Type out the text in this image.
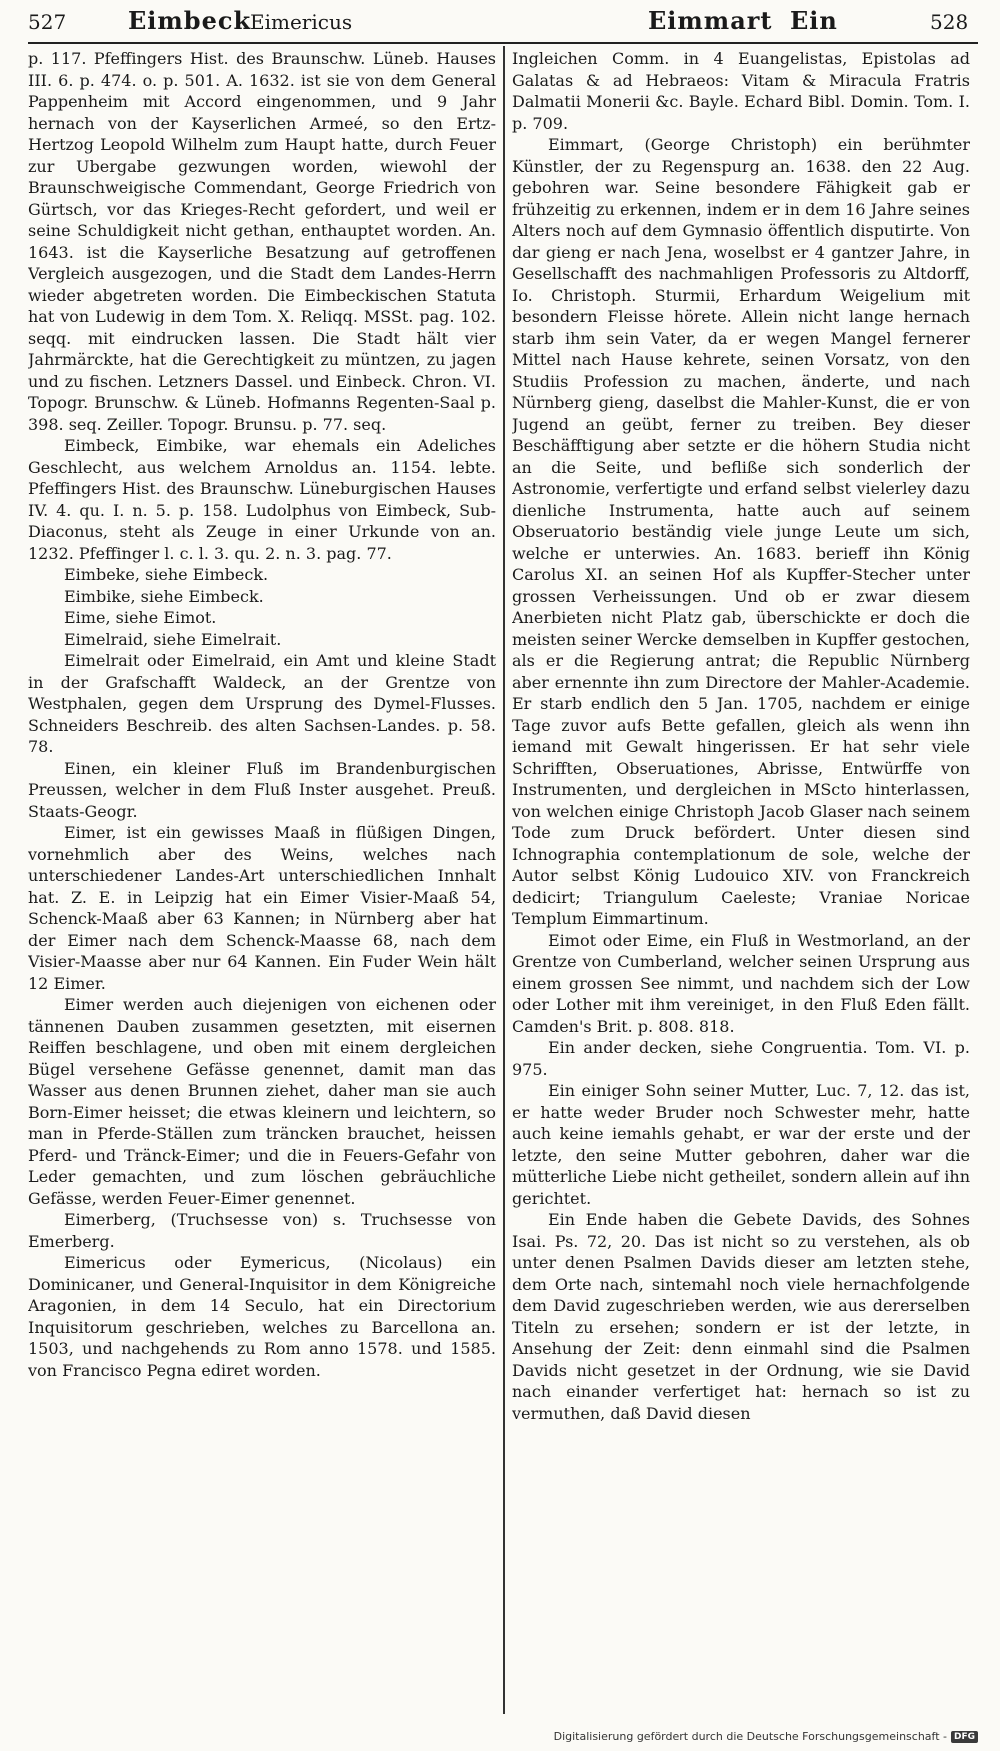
527	Eimbeck
Eimericus	Eimmart Ein	528

p. 117. Pfeffingers Hist. des Braunschw. Lüneb. Hauses III. 6. p. 474. o. p. 501. A. 1632. ist sie von dem General Pappenheim mit Accord eingenommen, und 9 Jahr hernach von der Kayserlichen Armeé, so den Ertz-Hertzog Leopold Wilhelm zum Haupt hatte, durch Feuer zur Ubergabe gezwungen worden, wiewohl der Braunschweigische Commendant, George Friedrich von Gürtsch, vor das Krieges-Recht gefordert, und weil er seine Schuldigkeit nicht gethan, enthauptet worden. An. 1643. ist die Kayserliche Besatzung auf getroffenen Vergleich ausgezogen, und die Stadt dem Landes-Herrn wieder abgetreten worden. Die Eimbeckischen Statuta hat von Ludewig in dem Tom. X. Reliqq. MSSt. pag. 102. seqq. mit eindrucken lassen. Die Stadt hält vier Jahrmärckte, hat die Gerechtigkeit zu müntzen, zu jagen und zu fischen. Letzners Dassel. und Einbeck. Chron. VI. Topogr. Brunschw. & Lüneb. Hofmanns Regenten-Saal p. 398. seq. Zeiller. Topogr. Brunsu. p. 77. seq.

Eimbeck, Eimbike, war ehemals ein Adeliches Geschlecht, aus welchem Arnoldus an. 1154. lebte. Pfeffingers Hist. des Braunschw. Lüneburgischen Hauses IV. 4. qu. I. n. 5. p. 158. Ludolphus von Eimbeck, Sub-Diaconus, steht als Zeuge in einer Urkunde von an. 1232. Pfeffinger l. c. l. 3. qu. 2. n. 3. pag. 77.

Eimbeke, siehe Eimbeck.

Eimbike, siehe Eimbeck.

Eime, siehe Eimot.

Eimelraid, siehe Eimelrait.

Eimelrait oder Eimelraid, ein Amt und kleine Stadt in der Grafschafft Waldeck, an der Grentze von Westphalen, gegen dem Ursprung des Dymel-Flusses. Schneiders Beschreib. des alten Sachsen-Landes. p. 58. 78.

Einen, ein kleiner Fluß im Brandenburgischen Preussen, welcher in dem Fluß Inster ausgehet. Preuß. Staats-Geogr.

Eimer, ist ein gewisses Maaß in flüßigen Dingen, vornehmlich aber des Weins, welches nach unterschiedener Landes-Art unterschiedlichen Innhalt hat. Z. E. in Leipzig hat ein Eimer Visier-Maaß 54, Schenck-Maaß aber 63 Kannen; in Nürnberg aber hat der Eimer nach dem Schenck-Maasse 68, nach dem Visier-Maasse aber nur 64 Kannen. Ein Fuder Wein hält 12 Eimer.

Eimer werden auch diejenigen von eichenen oder tännenen Dauben zusammen gesetzten, mit eisernen Reiffen beschlagene, und oben mit einem dergleichen Bügel versehene Gefässe genennet, damit man das Wasser aus denen Brunnen ziehet, daher man sie auch Born-Eimer heisset; die etwas kleinern und leichtern, so man in Pferde-Ställen zum träncken brauchet, heissen Pferd- und Tränck-Eimer; und die in Feuers-Gefahr von Leder gemachten, und zum löschen gebräuchliche Gefässe, werden Feuer-Eimer genennet.

Eimerberg, (Truchsesse von) s. Truchsesse von Emerberg.

Eimericus oder Eymericus, (Nicolaus) ein Dominicaner, und General-Inquisitor in dem Königreiche Aragonien, in dem 14 Seculo, hat ein Directorium Inquisitorum geschrieben, welches zu Barcellona an. 1503, und nachgehends zu Rom anno 1578. und 1585. von Francisco Pegna ediret worden.

Ingleichen Comm. in 4 Euangelistas, Epistolas ad Galatas & ad Hebraeos: Vitam & Miracula Fratris Dalmatii Monerii &c. Bayle. Echard Bibl. Domin. Tom. I. p. 709.

Eimmart, (George Christoph) ein berühmter Künstler, der zu Regenspurg an. 1638. den 22 Aug. gebohren war. Seine besondere Fähigkeit gab er frühzeitig zu erkennen, indem er in dem 16 Jahre seines Alters noch auf dem Gymnasio öffentlich disputirte. Von dar gieng er nach Jena, woselbst er 4 gantzer Jahre, in Gesellschafft des nachmahligen Professoris zu Altdorff, Io. Christoph. Sturmii, Erhardum Weigelium mit besondern Fleisse hörete. Allein nicht lange hernach starb ihm sein Vater, da er wegen Mangel fernerer Mittel nach Hause kehrete, seinen Vorsatz, von den Studiis Profession zu machen, änderte, und nach Nürnberg gieng, daselbst die Mahler-Kunst, die er von Jugend an geübt, ferner zu treiben. Bey dieser Beschäfftigung aber setzte er die höhern Studia nicht an die Seite, und befliße sich sonderlich der Astronomie, verfertigte und erfand selbst vielerley dazu dienliche Instrumenta, hatte auch auf seinem Obseruatorio beständig viele junge Leute um sich, welche er unterwies. An. 1683. berieff ihn König Carolus XI. an seinen Hof als Kupffer-Stecher unter grossen Verheissungen. Und ob er zwar diesem Anerbieten nicht Platz gab, überschickte er doch die meisten seiner Wercke demselben in Kupffer gestochen, als er die Regierung antrat; die Republic Nürnberg aber ernennte ihn zum Directore der Mahler-Academie. Er starb endlich den 5 Jan. 1705, nachdem er einige Tage zuvor aufs Bette gefallen, gleich als wenn ihn iemand mit Gewalt hingerissen. Er hat sehr viele Schrifften, Obseruationes, Abrisse, Entwürffe von Instrumenten, und dergleichen in MScto hinterlassen, von welchen einige Christoph Jacob Glaser nach seinem Tode zum Druck befördert. Unter diesen sind Ichnographia contemplationum de sole, welche der Autor selbst König Ludouico XIV. von Franckreich dedicirt; Triangulum Caeleste; Vraniae Noricae Templum Eimmartinum.

Eimot oder Eime, ein Fluß in Westmorland, an der Grentze von Cumberland, welcher seinen Ursprung aus einem grossen See nimmt, und nachdem sich der Low oder Lother mit ihm vereiniget, in den Fluß Eden fällt. Camden's Brit. p. 808. 818.

Ein ander decken, siehe Congruentia. Tom. VI. p. 975.

Ein einiger Sohn seiner Mutter, Luc. 7, 12. das ist, er hatte weder Bruder noch Schwester mehr, hatte auch keine iemahls gehabt, er war der erste und der letzte, den seine Mutter gebohren, daher war die mütterliche Liebe nicht getheilet, sondern allein auf ihn gerichtet.

Ein Ende haben die Gebete Davids, des Sohnes Isai. Ps. 72, 20. Das ist nicht so zu verstehen, als ob unter denen Psalmen Davids dieser am letzten stehe, dem Orte nach, sintemahl noch viele hernachfolgende dem David zugeschrieben werden, wie aus dererselben Titeln zu ersehen; sondern er ist der letzte, in Ansehung der Zeit: denn einmahl sind die Psalmen Davids nicht gesetzet in der Ordnung, wie sie David nach einander verfertiget hat: hernach so ist zu vermuthen, daß David diesen

Digitalisierung gefördert durch die Deutsche Forschungsgemeinschaft - DFG
